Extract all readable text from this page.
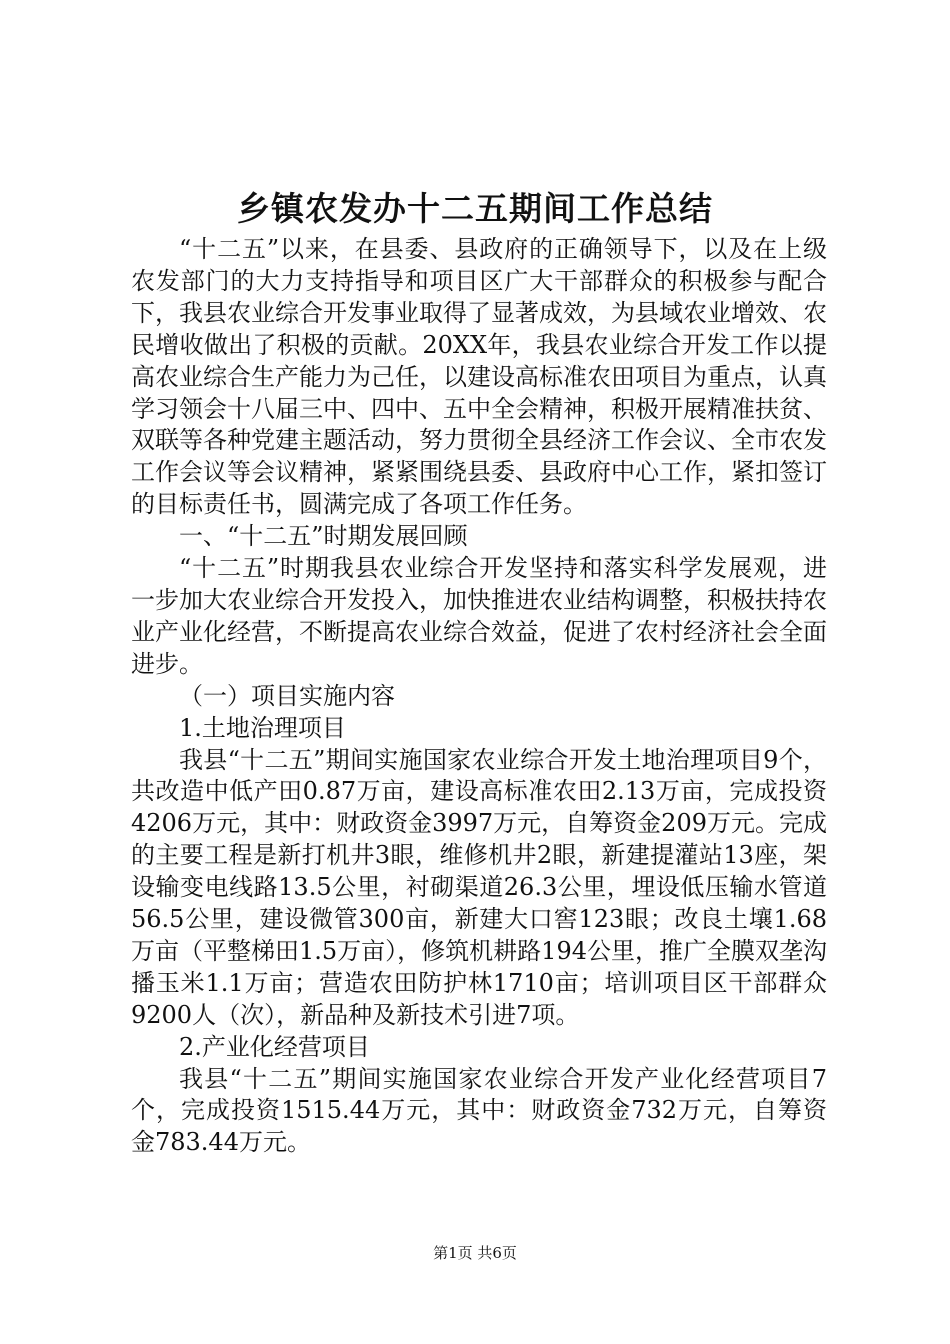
乡镇农发办十二五期间工作总结

“十二五”以来，在县委、县政府的正确领导下，以及在上级农发部门的大力支持指导和项目区广大干部群众的积极参与配合下，我县农业综合开发事业取得了显著成效，为县域农业增效、农民增收做出了积极的贡献。20XX年，我县农业综合开发工作以提高农业综合生产能力为己任，以建设高标准农田项目为重点，认真学习领会十八届三中、四中、五中全会精神，积极开展精准扶贫、双联等各种党建主题活动，努力贯彻全县经济工作会议、全市农发工作会议等会议精神，紧紧围绕县委、县政府中心工作，紧扣签订的目标责任书，圆满完成了各项工作任务。

一、“十二五”时期发展回顾

“十二五”时期我县农业综合开发坚持和落实科学发展观，进一步加大农业综合开发投入，加快推进农业结构调整，积极扶持农业产业化经营，不断提高农业综合效益，促进了农村经济社会全面进步。

（一）项目实施内容

1.土地治理项目

我县“十二五”期间实施国家农业综合开发土地治理项目9个，共改造中低产田0.87万亩，建设高标准农田2.13万亩，完成投资4206万元，其中：财政资金3997万元，自筹资金209万元。完成的主要工程是新打机井3眼，维修机井2眼，新建提灌站13座，架设输变电线路13.5公里，衬砌渠道26.3公里，埋设低压输水管道56.5公里，建设微管300亩，新建大口窖123眼；改良土壤1.68万亩（平整梯田1.5万亩），修筑机耕路194公里，推广全膜双垄沟播玉米1.1万亩；营造农田防护林1710亩；培训项目区干部群众9200人（次），新品种及新技术引进7项。

2.产业化经营项目

我县“十二五”期间实施国家农业综合开发产业化经营项目7个，完成投资1515.44万元，其中：财政资金732万元，自筹资金783.44万元。

第1页 共6页
